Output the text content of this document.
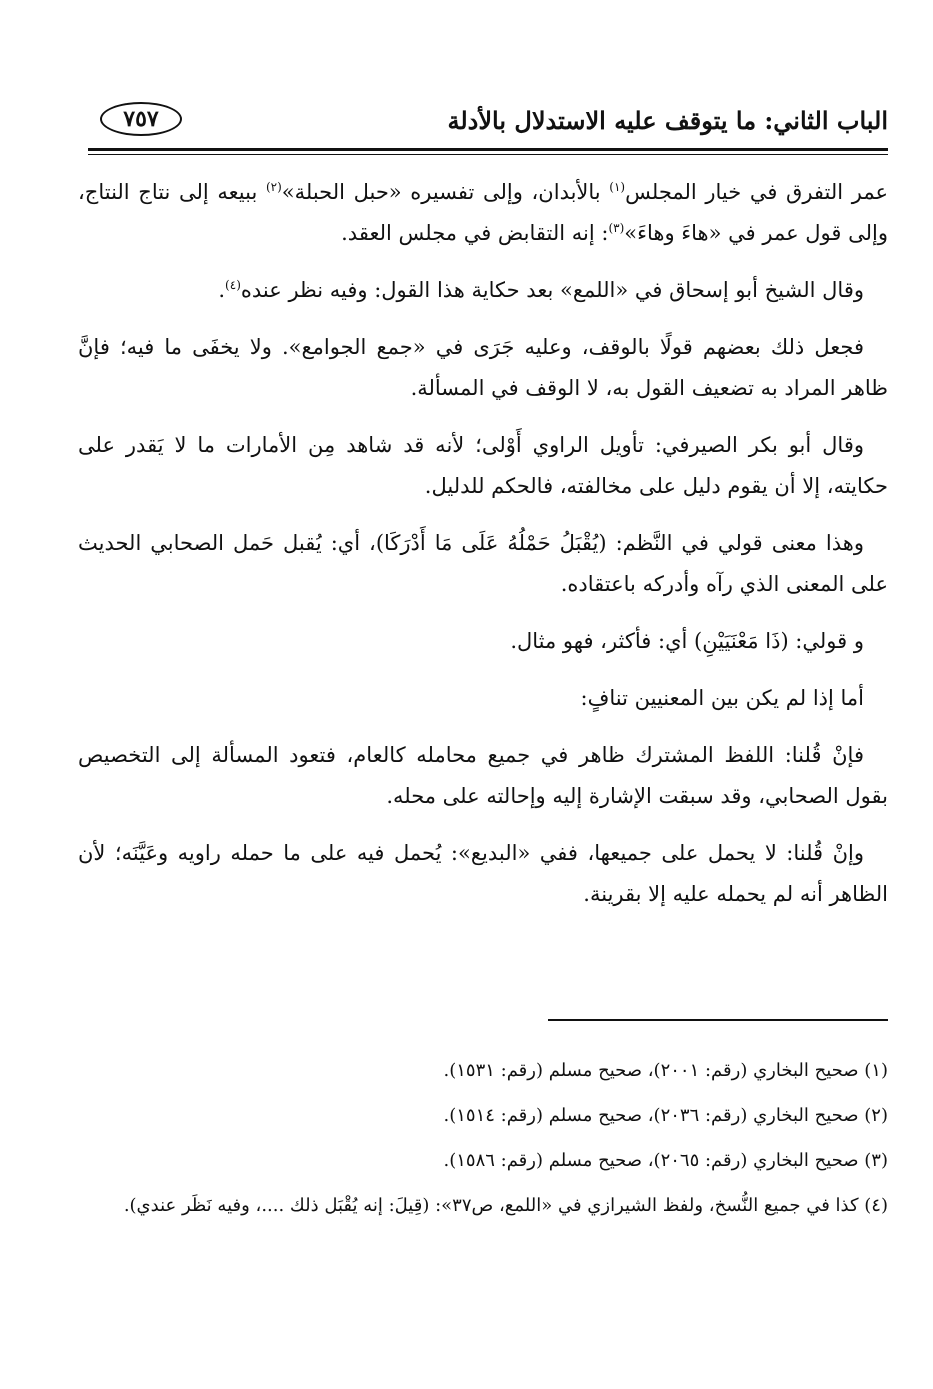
الباب الثاني: ما يتوقف عليه الاستدلال بالأدلة
٧٥٧

عمر التفرق في خيار المجلس$^{(١)}$ بالأبدان، وإلى تفسيره «حبل الحبلة»$^{(٢)}$ ببيعه إلى نتاج النتاج، وإلى قول عمر في «هاءَ وهاءَ»$^{(٣)}$: إنه التقابض في مجلس العقد.

وقال الشيخ أبو إسحاق في «اللمع» بعد حكاية هذا القول: وفيه نظر عنده$^{(٤)}$.

فجعل ذلك بعضهم قولًا بالوقف، وعليه جَرَى في «جمع الجوامع». ولا يخفَى ما فيه؛ فإنَّ ظاهر المراد به تضعيف القول به، لا الوقف في المسألة.

وقال أبو بكر الصيرفي: تأويل الراوي أَوْلى؛ لأنه قد شاهد مِن الأمارات ما لا يَقدر على حكايته، إلا أن يقوم دليل على مخالفته، فالحكم للدليل.

وهذا معنى قولي في النَّظم: (يُقْبَلُ حَمْلُهُ عَلَى مَا أَدْرَكَا)، أي: يُقبل حَمل الصحابي الحديث على المعنى الذي رآه وأدركه باعتقاده.

و قولي: (ذَا مَعْنَيَيْنِ) أي: فأكثر، فهو مثال.

أما إذا لم يكن بين المعنيين تنافٍ:

فإنْ قُلنا: اللفظ المشترك ظاهر في جميع محامله كالعام، فتعود المسألة إلى التخصيص بقول الصحابي، وقد سبقت الإشارة إليه وإحالته على محله.

وإنْ قُلنا: لا يحمل على جميعها، ففي «البديع»: يُحمل فيه على ما حمله راويه وعَيَّنَه؛ لأن الظاهر أنه لم يحمله عليه إلا بقرينة.

(١) صحيح البخاري (رقم: ٢٠٠١)، صحيح مسلم (رقم: ١٥٣١).

(٢) صحيح البخاري (رقم: ٢٠٣٦)، صحيح مسلم (رقم: ١٥١٤).

(٣) صحيح البخاري (رقم: ٢٠٦٥)، صحيح مسلم (رقم: ١٥٨٦).

(٤) كذا في جميع النُّسخ، ولفظ الشيرازي في «اللمع، ص٣٧»: (قِيلَ: إنه يُقْبَل ذلك ....، وفيه نَظَر عندي).
